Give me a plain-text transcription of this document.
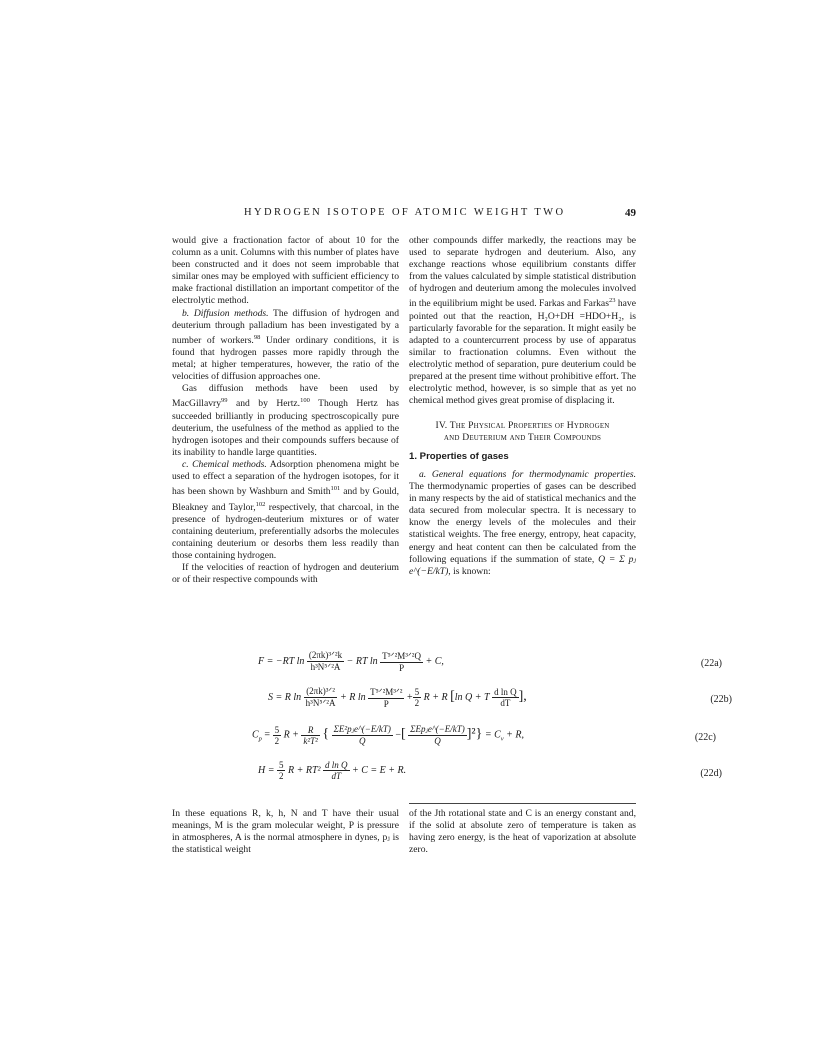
HYDROGEN ISOTOPE OF ATOMIC WEIGHT TWO	49

would give a fractionation factor of about 10 for the column as a unit. Columns with this number of plates have been constructed and it does not seem improbable that similar ones may be employed with sufficient efficiency to make fractional distillation an important competitor of the electrolytic method.

b. Diffusion methods. The diffusion of hydrogen and deuterium through palladium has been investigated by a number of workers.$^{98}$ Under ordinary conditions, it is found that hydrogen passes more rapidly through the metal; at higher temperatures, however, the ratio of the velocities of diffusion approaches one.

Gas diffusion methods have been used by MacGillavry$^{99}$ and by Hertz.$^{100}$ Though Hertz has succeeded brilliantly in producing spectroscopically pure deuterium, the usefulness of the method as applied to the hydrogen isotopes and their compounds suffers because of its inability to handle large quantities.

c. Chemical methods. Adsorption phenomena might be used to effect a separation of the hydrogen isotopes, for it has been shown by Washburn and Smith$^{101}$ and by Gould, Bleakney and Taylor,$^{102}$ respectively, that charcoal, in the presence of hydrogen-deuterium mixtures or of water containing deuterium, preferentially adsorbs the molecules containing deuterium or desorbs them less readily than those containing hydrogen.

If the velocities of reaction of hydrogen and deuterium or of their respective compounds with

other compounds differ markedly, the reactions may be used to separate hydrogen and deuterium. Also, any exchange reactions whose equilibrium constants differ from the values calculated by simple statistical distribution of hydrogen and deuterium among the molecules involved in the equilibrium might be used. Farkas and Farkas$^{23}$ have pointed out that the reaction, H₂O+DH =HDO+H₂, is particularly favorable for the separation. It might easily be adapted to a countercurrent process by use of apparatus similar to fractionation columns. Even without the electrolytic method of separation, pure deuterium could be prepared at the present time without prohibitive effort. The electrolytic method, however, is so simple that as yet no chemical method gives great promise of displacing it.

IV. The Physical Properties of Hydrogen
and Deuterium and Their Compounds
1. Properties of gases

a. General equations for thermodynamic properties. The thermodynamic properties of gases can be described in many respects by the aid of statistical mechanics and the data secured from molecular spectra. It is necessary to know the energy levels of the molecules and their statistical weights. The free energy, entropy, heat capacity, energy and heat content can then be calculated from the following equations if the summation of state, Q = Σ pⱼ e^(−E/kT), is known:

F = −RT $\ln \frac{\text{(2πk)³ᐟ²k}}{\text{h³N⁵ᐟ²A}}$ − RT $\ln \frac{\text{T⁵ᐟ²M³ᐟ²Q}}{P} + C$,	(22a)
S = R $\ln \frac{\text{(2πk)³ᐟ²}}{\text{h³N⁵ᐟ²A}} + R$ $\ln \frac{\text{T⁵ᐟ²M³ᐟ²}}{P} + \frac{5}{2}$ R + R [ln Q + T $\frac{\text{d ln Q}}{dT}$ ],	(22b)
$C_p = \frac{5}{2}$ $R + \frac{R}{\text{k²T²}}$ { $\frac{\text{ΣE²pⱼe\textasciicircum{}(−E/kT)}}{Q}$ −[ $\frac{\text{ΣEpⱼe\textasciicircum{}(−E/kT)}}{Q} ]^2\} = C_v + R$,	(22c)
$H = \frac{5}{2}$ $R + RT^2 \frac{\text{d ln Q}}{dT} + C = E + R$.	(22d)
In these equations R, k, h, N and T have their usual meanings, M is the gram molecular weight, P is pressure in atmospheres, A is the normal atmosphere in dynes, pⱼ is the statistical weight
of the Jth rotational state and C is an energy constant and, if the solid at absolute zero of temperature is taken as having zero energy, is the heat of vaporization at absolute zero.
